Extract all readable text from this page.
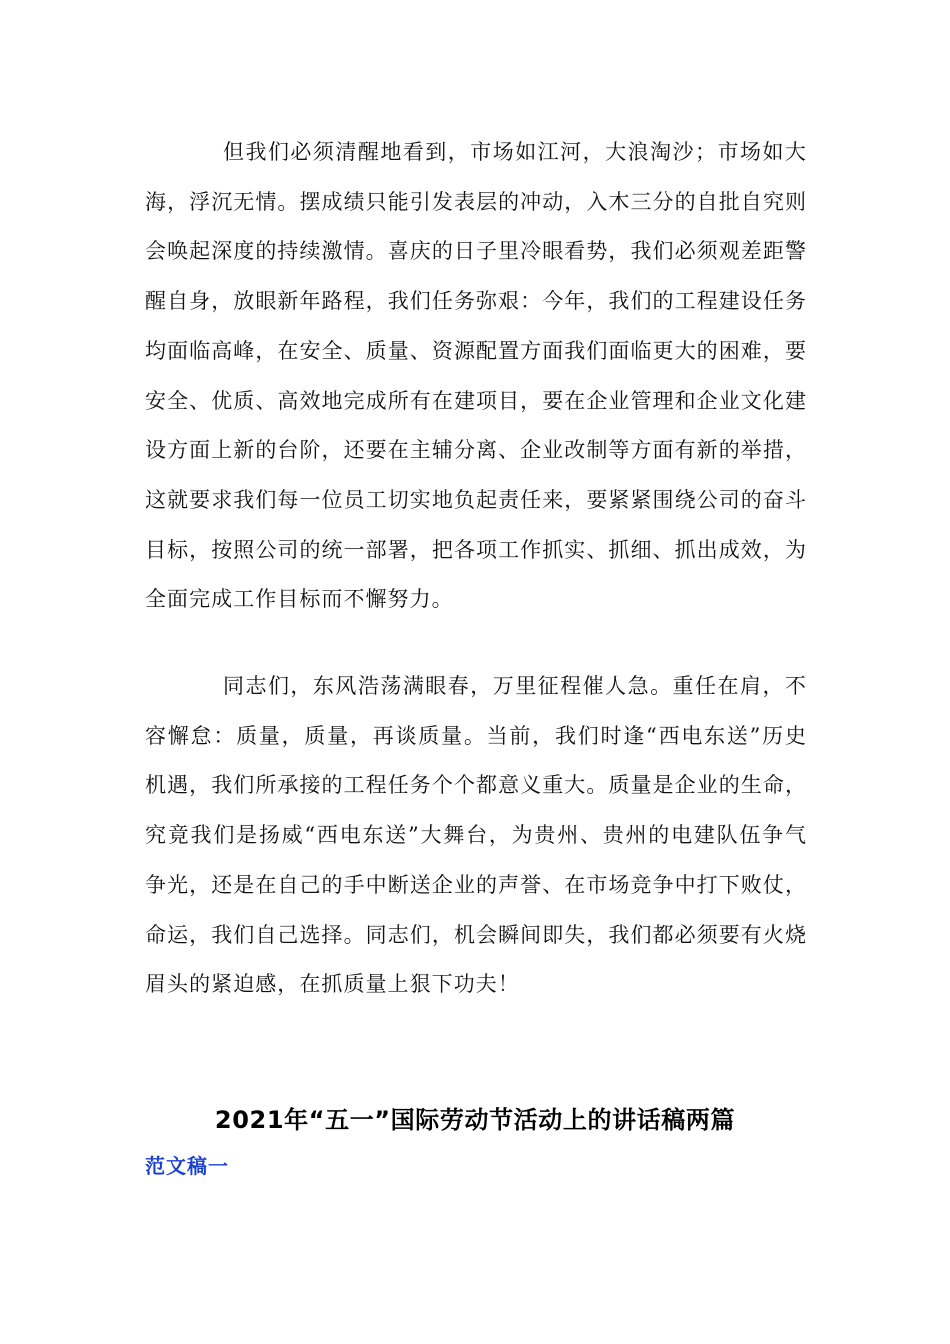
但我们必须清醒地看到，市场如江河，大浪淘沙；市场如大海，浮沉无情。摆成绩只能引发表层的冲动，入木三分的自批自究则会唤起深度的持续激情。喜庆的日子里冷眼看势，我们必须观差距警醒自身，放眼新年路程，我们任务弥艰：今年，我们的工程建设任务均面临高峰，在安全、质量、资源配置方面我们面临更大的困难，要安全、优质、高效地完成所有在建项目，要在企业管理和企业文化建设方面上新的台阶，还要在主辅分离、企业改制等方面有新的举措，这就要求我们每一位员工切实地负起责任来，要紧紧围绕公司的奋斗目标，按照公司的统一部署，把各项工作抓实、抓细、抓出成效，为全面完成工作目标而不懈努力。

同志们，东风浩荡满眼春，万里征程催人急。重任在肩，不容懈怠：质量，质量，再谈质量。当前，我们时逢“西电东送”历史机遇，我们所承接的工程任务个个都意义重大。质量是企业的生命，究竟我们是扬威“西电东送”大舞台，为贵州、贵州的电建队伍争气争光，还是在自己的手中断送企业的声誉、在市场竞争中打下败仗，命运，我们自己选择。同志们，机会瞬间即失，我们都必须要有火烧眉头的紧迫感，在抓质量上狠下功夫！

2021年“五一”国际劳动节活动上的讲话稿两篇
范文稿一
